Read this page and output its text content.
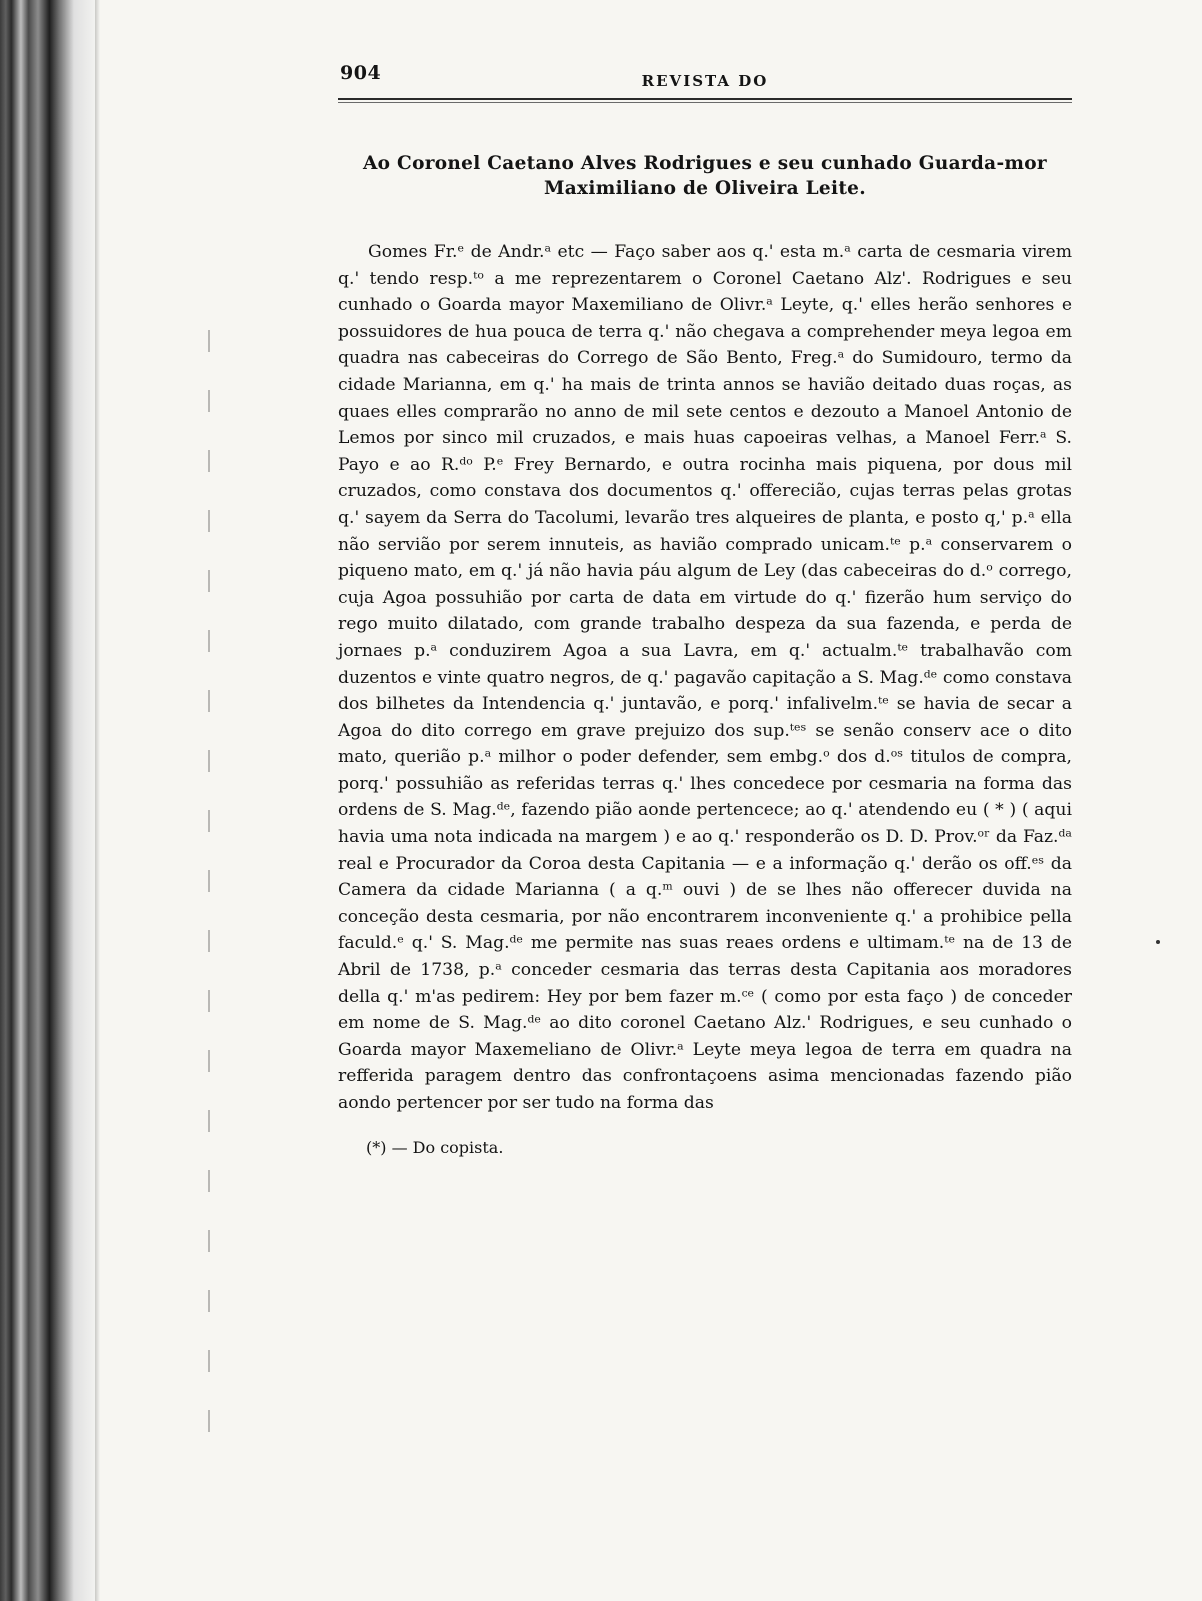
904	REVISTA DO
Ao Coronel Caetano Alves Rodrigues e seu cunhado Guarda-mor Maximiliano de Oliveira Leite.
Gomes Fr.ᵉ de Andr.ᵃ etc — Faço saber aos q.' esta m.ᵃ carta de cesmaria virem q.' tendo resp.ᵗᵒ a me reprezentarem o Coronel Caetano Alz'. Rodrigues e seu cunhado o Goarda mayor Maxemiliano de Olivr.ᵃ Leyte, q.' elles herão senhores e possuidores de hua pouca de terra q.' não chegava a comprehender meya legoa em quadra nas cabeceiras do Corrego de São Bento, Freg.ᵃ do Sumidouro, termo da cidade Marianna, em q.' ha mais de trinta annos se havião deitado duas roças, as quaes elles comprarão no anno de mil sete centos e dezouto a Manoel Antonio de Lemos por sinco mil cruzados, e mais huas capoeiras velhas, a Manoel Ferr.ᵃ S. Payo e ao R.ᵈᵒ P.ᵉ Frey Bernardo, e outra rocinha mais piquena, por dous mil cruzados, como constava dos documentos q.' offerecião, cujas terras pelas grotas q.' sayem da Serra do Tacolumi, levarão tres alqueires de planta, e posto q,' p.ᵃ ella não servião por serem innuteis, as havião comprado unicam.ᵗᵉ p.ᵃ conservarem o piqueno mato, em q.' já não havia páu algum de Ley (das cabeceiras do d.ᵒ corrego, cuja Agoa possuhião por carta de data em virtude do q.' fizerão hum serviço do rego muito dilatado, com grande trabalho despeza da sua fazenda, e perda de jornaes p.ᵃ conduzirem Agoa a sua Lavra, em q.' actualm.ᵗᵉ trabalhavão com duzentos e vinte quatro negros, de q.' pagavão capitação a S. Mag.ᵈᵉ como constava dos bilhetes da Intendencia q.' juntavão, e porq.' infalivelm.ᵗᵉ se havia de secar a Agoa do dito corrego em grave prejuizo dos sup.ᵗᵉˢ se senão conserv ace o dito mato, querião p.ᵃ milhor o poder defender, sem embg.ᵒ dos d.ᵒˢ titulos de compra, porq.' possuhião as referidas terras q.' lhes concedece por cesmaria na forma das ordens de S. Mag.ᵈᵉ, fazendo pião aonde pertencece; ao q.' atendendo eu ( * ) ( aqui havia uma nota indicada na margem ) e ao q.' responderão os D. D. Prov.ᵒʳ da Faz.ᵈᵃ real e Procurador da Coroa desta Capitania — e a informação q.' derão os off.ᵉˢ da Camera da cidade Marianna ( a q.ᵐ ouvi ) de se lhes não offerecer duvida na conceção desta cesmaria, por não encontrarem inconveniente q.' a prohibice pella faculd.ᵉ q.' S. Mag.ᵈᵉ me permite nas suas reaes ordens e ultimam.ᵗᵉ na de 13 de Abril de 1738, p.ᵃ conceder cesmaria das terras desta Capitania aos moradores della q.' m'as pedirem: Hey por bem fazer m.ᶜᵉ ( como por esta faço ) de conceder em nome de S. Mag.ᵈᵉ ao dito coronel Caetano Alz.' Rodrigues, e seu cunhado o Goarda mayor Maxemeliano de Olivr.ᵃ Leyte meya legoa de terra em quadra na refferida paragem dentro das confrontaçoens asima mencionadas fazendo pião aondo pertencer por ser tudo na forma das
(*) — Do copista.
